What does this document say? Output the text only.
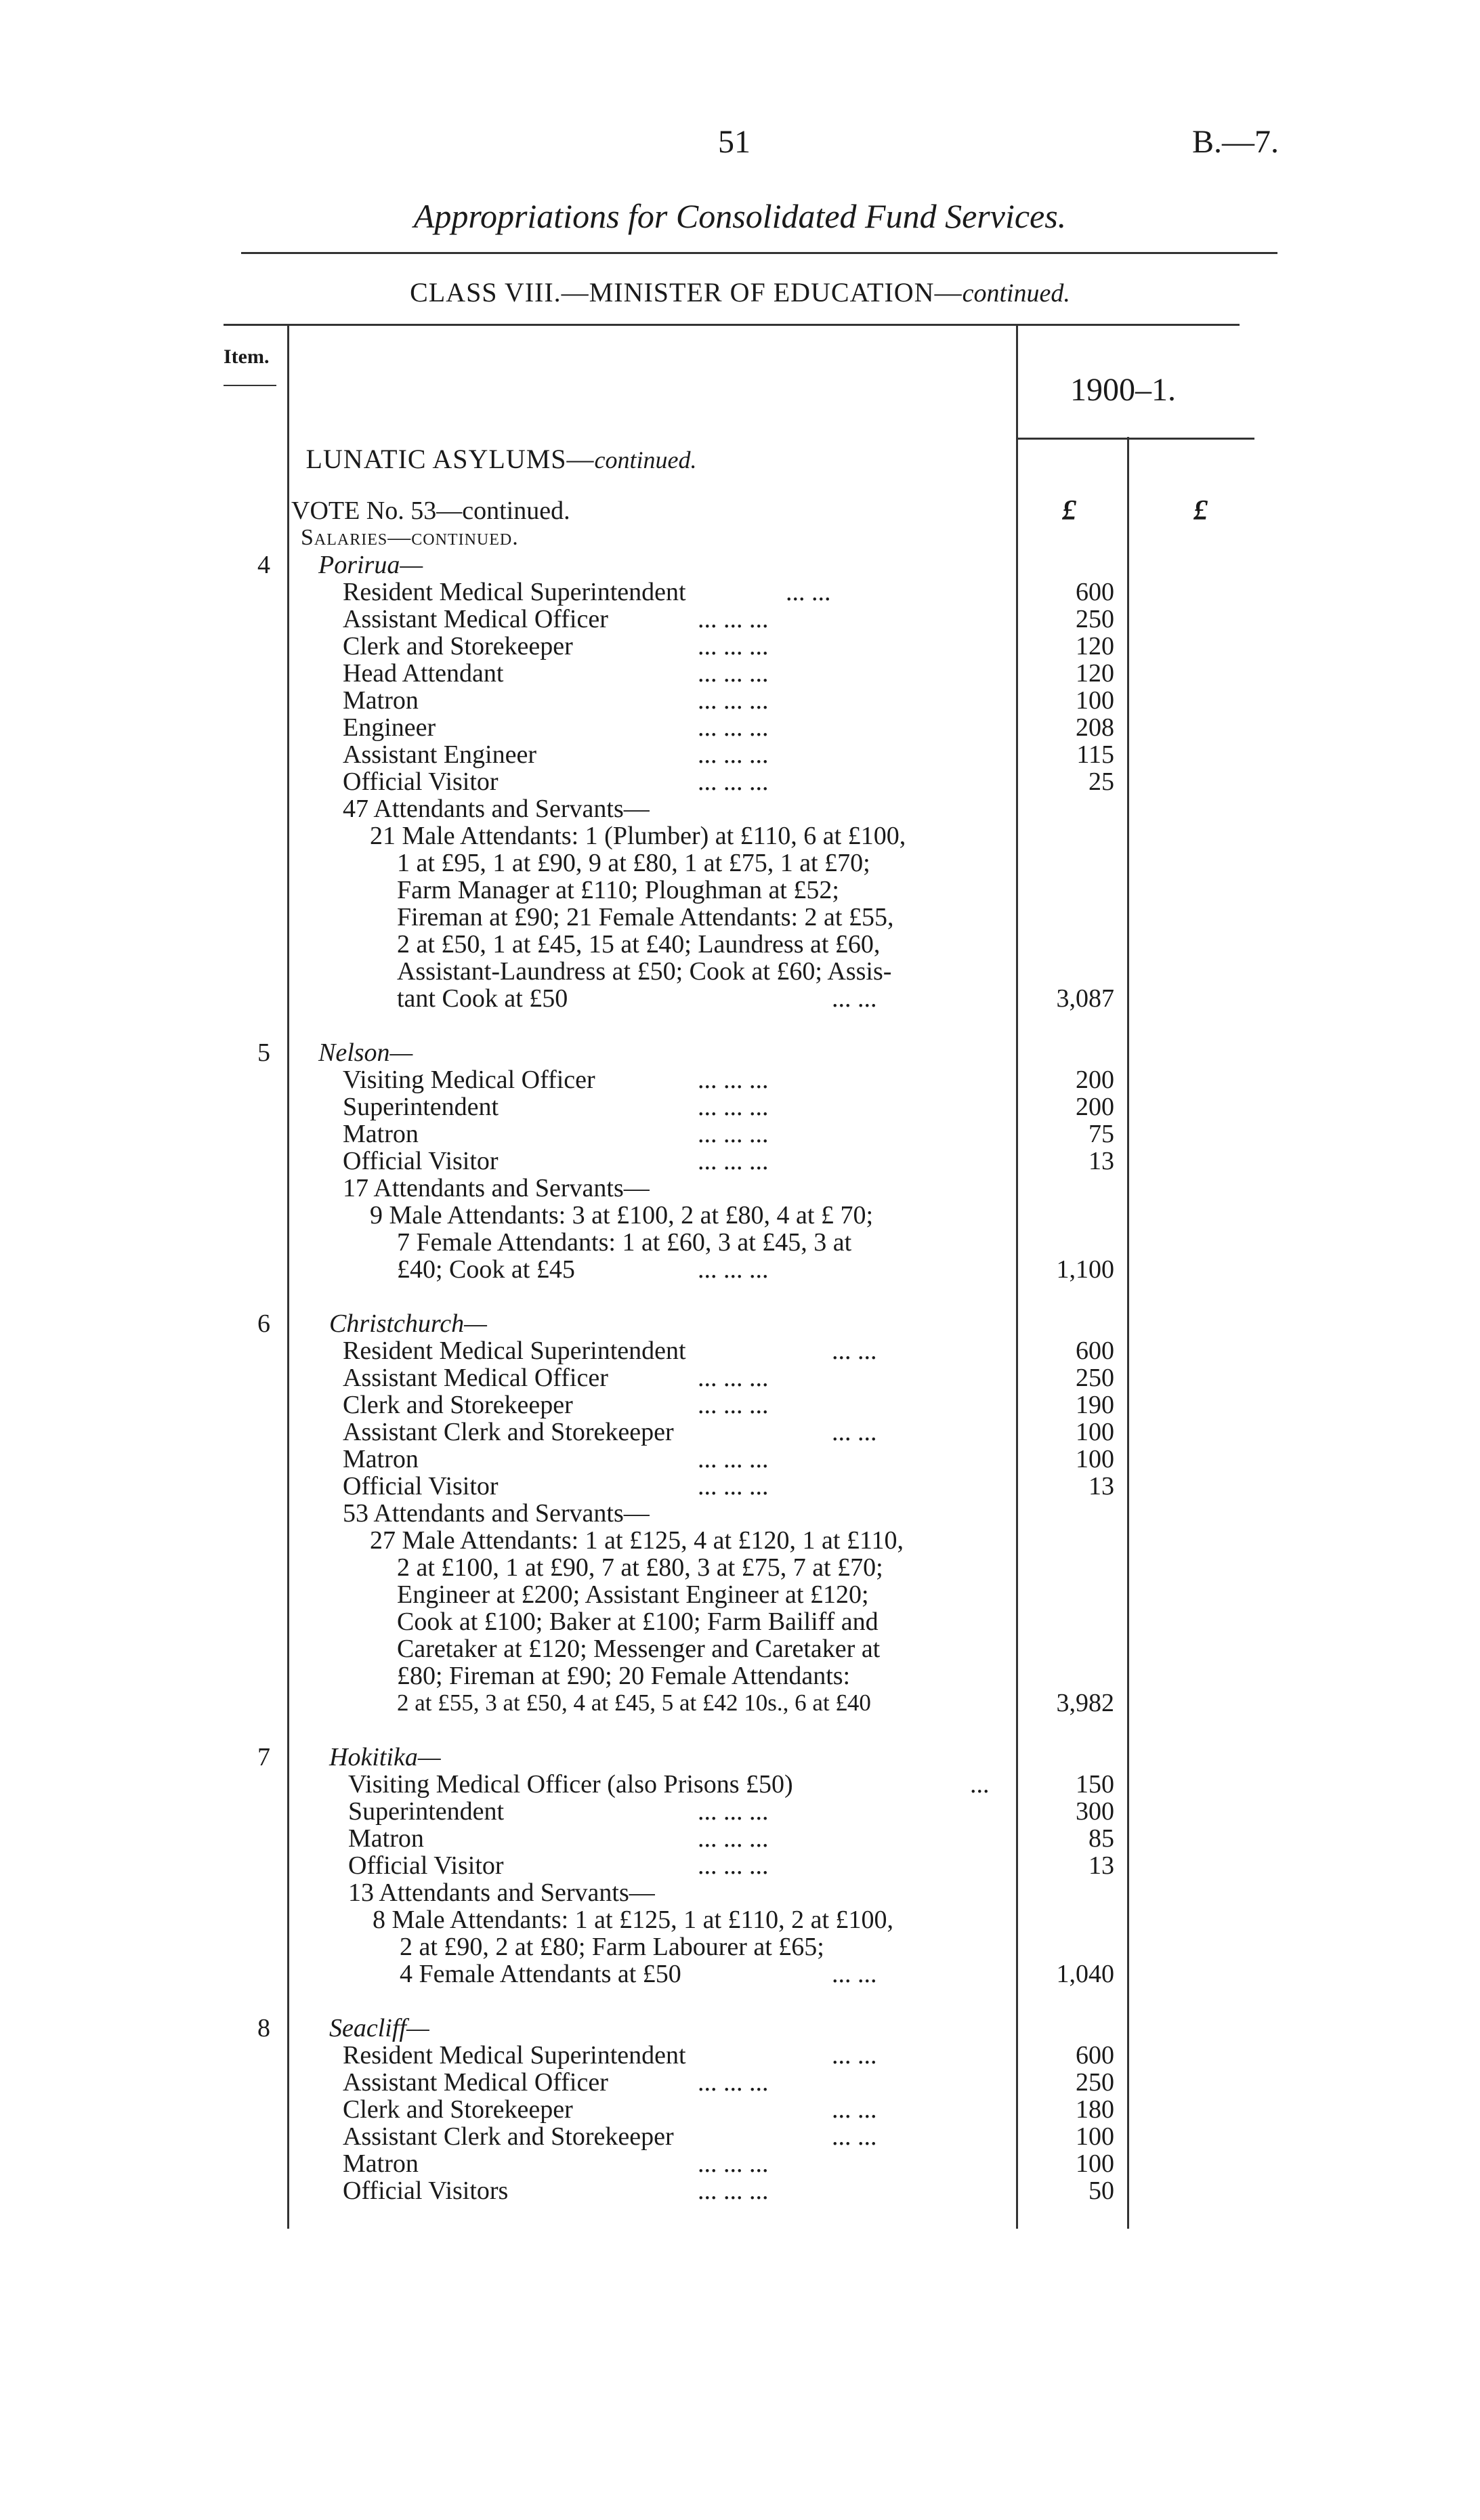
51	B.—7.
Appropriations for Consolidated Fund Services.
CLASS VIII.—MINISTER OF EDUCATION—continued.
Item.
1900–1.
LUNATIC ASYLUMS—continued.
£	£
VOTE No. 53—continued.
Salaries—continued.
4 Porirua—
Resident Medical Superintendent	... ...	600
Assistant Medical Officer	... ... ...	250
Clerk and Storekeeper	... ... ...	120
Head Attendant	... ... ...	120
Matron	... ... ...	100
Engineer	... ... ...	208
Assistant Engineer	... ... ...	115
Official Visitor	... ... ...	25
47 Attendants and Servants—
21 Male Attendants: 1 (Plumber) at £110, 6 at £100,
1 at £95, 1 at £90, 9 at £80, 1 at £75, 1 at £70;
Farm Manager at £110; Ploughman at £52;
Fireman at £90; 21 Female Attendants: 2 at £55,
2 at £50, 1 at £45, 15 at £40; Laundress at £60,
Assistant-Laundress at £50; Cook at £60; Assis-
tant Cook at £50	... ...	3,087
5 Nelson—
Visiting Medical Officer	... ... ...	200
Superintendent	... ... ...	200
Matron	... ... ...	75
Official Visitor	... ... ...	13
17 Attendants and Servants—
9 Male Attendants: 3 at £100, 2 at £80, 4 at £ 70;
7 Female Attendants: 1 at £60, 3 at £45, 3 at
£40; Cook at £45	... ... ...	1,100
6 Christchurch—
Resident Medical Superintendent	... ...	600
Assistant Medical Officer	... ... ...	250
Clerk and Storekeeper	... ... ...	190
Assistant Clerk and Storekeeper	... ...	100
Matron	... ... ...	100
Official Visitor	... ... ...	13
53 Attendants and Servants—
27 Male Attendants: 1 at £125, 4 at £120, 1 at £110,
2 at £100, 1 at £90, 7 at £80, 3 at £75, 7 at £70;
Engineer at £200; Assistant Engineer at £120;
Cook at £100; Baker at £100; Farm Bailiff and
Caretaker at £120; Messenger and Caretaker at
£80; Fireman at £90; 20 Female Attendants:
2 at £55, 3 at £50, 4 at £45, 5 at £42 10s., 6 at £40	3,982
7 Hokitika—
Visiting Medical Officer (also Prisons £50)	...	150
Superintendent	... ... ...	300
Matron	... ... ...	85
Official Visitor	... ... ...	13
13 Attendants and Servants—
8 Male Attendants: 1 at £125, 1 at £110, 2 at £100,
2 at £90, 2 at £80; Farm Labourer at £65;
4 Female Attendants at £50	... ...	1,040
8 Seacliff—
Resident Medical Superintendent	... ...	600
Assistant Medical Officer	... ... ...	250
Clerk and Storekeeper	... ...	180
Assistant Clerk and Storekeeper	... ...	100
Matron	... ... ...	100
Official Visitors	... ... ...	50
